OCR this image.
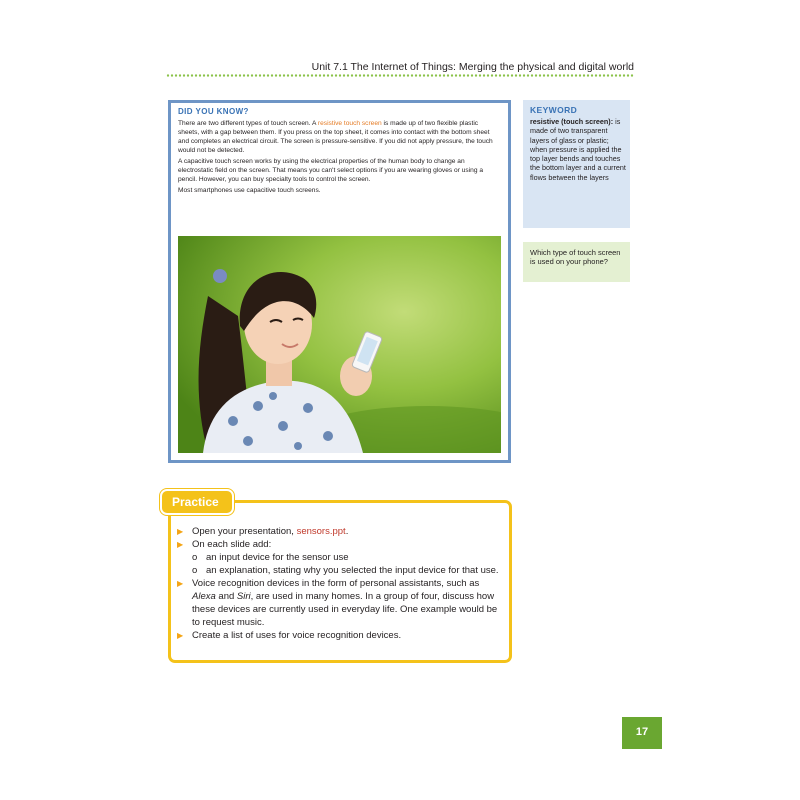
Unit 7.1 The Internet of Things: Merging the physical and digital world
DID YOU KNOW?

There are two different types of touch screen. A resistive touch screen is made up of two flexible plastic sheets, with a gap between them. If you press on the top sheet, it comes into contact with the bottom sheet and completes an electrical circuit. The screen is pressure-sensitive. If you did not apply pressure, the touch would not be detected.

A capacitive touch screen works by using the electrical properties of the human body to change an electrostatic field on the screen. That means you can't select options if you are wearing gloves or using a pencil. However, you can buy specialty tools to control the screen.

Most smartphones use capacitive touch screens.

KEYWORD
resistive (touch screen): is made of two transparent layers of glass or plastic; when pressure is applied the top layer bends and touches the bottom layer and a current flows between the layers
Which type of touch screen is used on your phone?
▶ Open your presentation, sensors.ppt.
▶ On each slide add:
o an input device for the sensor use
o an explanation, stating why you selected the input device for that use.
▶ Voice recognition devices in the form of personal assistants, such as Alexa and Siri, are used in many homes. In a group of four, discuss how these devices are currently used in everyday life. One example would be to request music.
▶ Create a list of uses for voice recognition devices.
Practice
17
